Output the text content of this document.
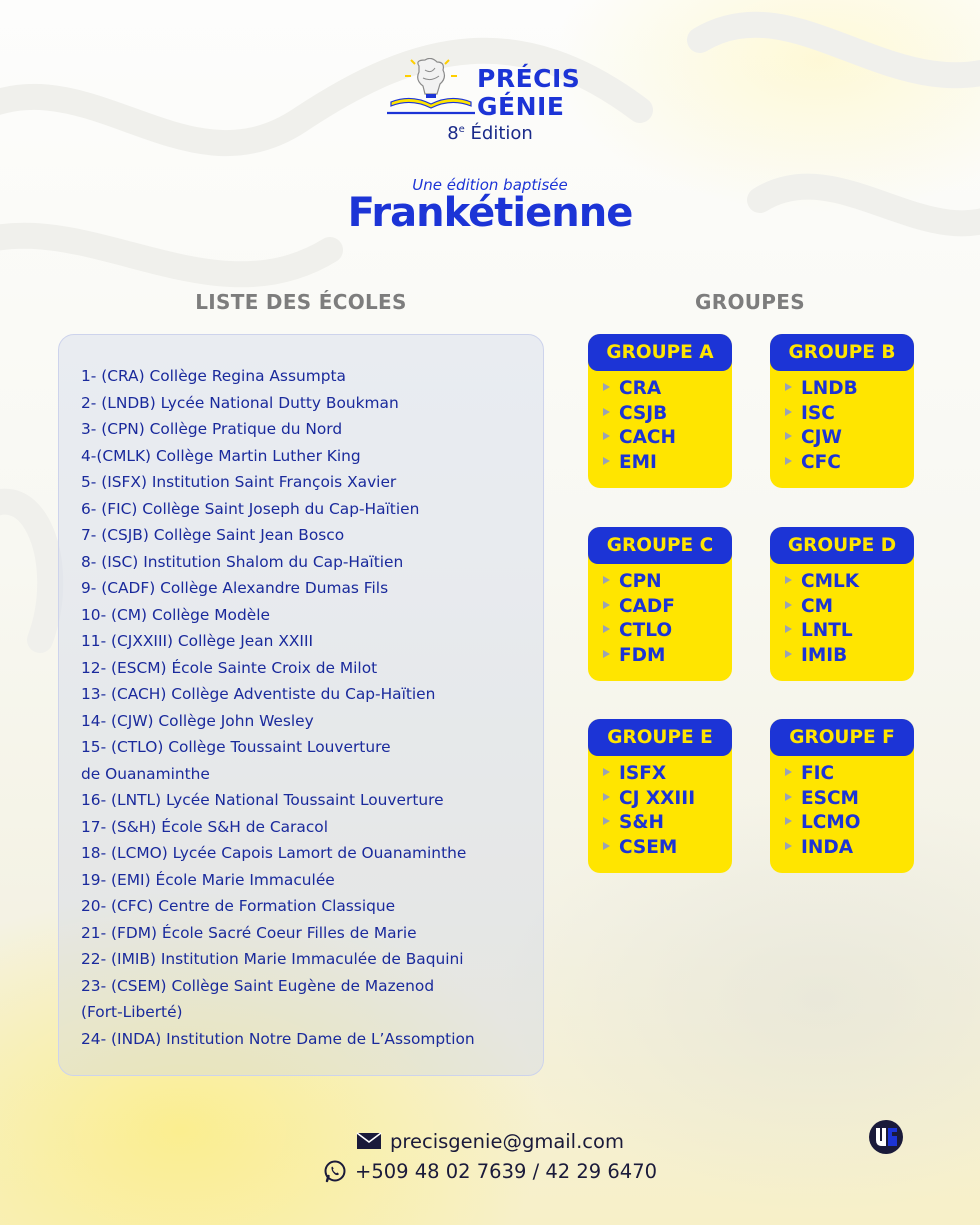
PRÉCIS
GÉNIE
8e Édition
Une édition baptisée
Frankétienne
LISTE DES ÉCOLES	GROUPES
1- (CRA) Collège Regina Assumpta
2- (LNDB) Lycée National Dutty Boukman
3- (CPN) Collège Pratique du Nord
4-(CMLK) Collège Martin Luther King
5- (ISFX) Institution Saint François Xavier
6- (FIC) Collège Saint Joseph du Cap-Haïtien
7- (CSJB) Collège Saint Jean Bosco
8- (ISC) Institution Shalom du Cap-Haïtien
9- (CADF) Collège Alexandre Dumas Fils
10- (CM) Collège Modèle
11- (CJXXIII) Collège Jean XXIII
12- (ESCM) École Sainte Croix de Milot
13- (CACH) Collège Adventiste du Cap-Haïtien
14- (CJW) Collège John Wesley
15- (CTLO) Collège Toussaint Louverture
de Ouanaminthe
16- (LNTL) Lycée National Toussaint Louverture
17- (S&H) École S&H de Caracol
18- (LCMO) Lycée Capois Lamort de Ouanaminthe
19- (EMI) École Marie Immaculée
20- (CFC) Centre de Formation Classique
21- (FDM) École Sacré Coeur Filles de Marie
22- (IMIB) Institution Marie Immaculée de Baquini
23- (CSEM) Collège Saint Eugène de Mazenod
(Fort-Liberté)
24- (INDA) Institution Notre Dame de L’Assomption
GROUPE A
CRA
CSJB
CACH
EMI
GROUPE B
LNDB
ISC
CJW
CFC
GROUPE C
CPN
CADF
CTLO
FDM
GROUPE D
CMLK
CM
LNTL
IMIB
GROUPE E
ISFX
CJ XXIII
S&H
CSEM
GROUPE F
FIC
ESCM
LCMO
INDA
precisgenie@gmail.com
+509 48 02 7639 / 42 29 6470
